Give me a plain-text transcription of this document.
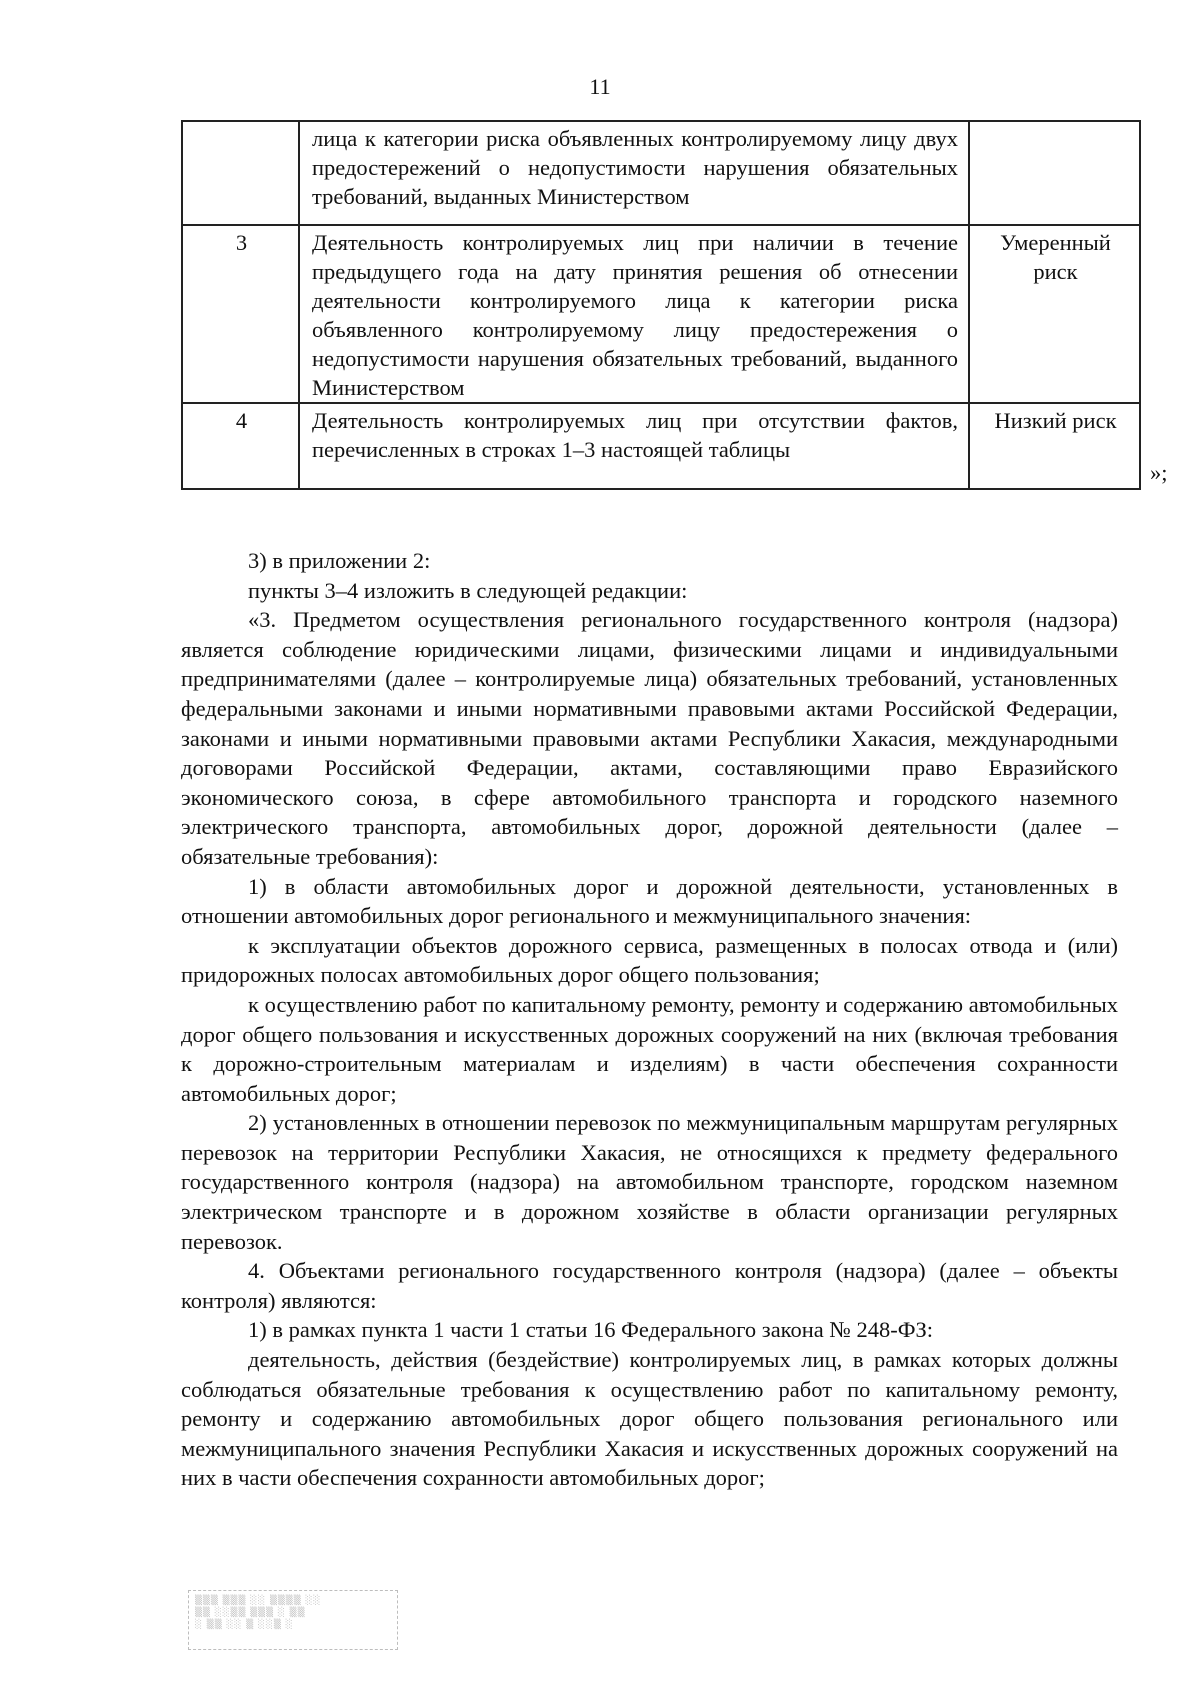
11
	лица к категории риска объявленных контролируемому лицу двух предостережений о недопустимости нарушения обязательных требований, выданных Министерством	
3	Деятельность контролируемых лиц при наличии в течение предыдущего года на дату принятия решения об отнесении деятельности контролируемого лица к категории риска объявленного контролируемому лицу предостережения о недопустимости нарушения обязательных требований, выданного Министерством	Умеренный риск
4	Деятельность контролируемых лиц при отсутствии фактов, перечисленных в строках 1–3 настоящей таблицы	Низкий риск
»;

3) в приложении 2:

пункты 3–4 изложить в следующей редакции:

«3. Предметом осуществления регионального государственного контроля (надзора) является соблюдение юридическими лицами, физическими лицами и индивидуальными предпринимателями (далее – контролируемые лица) обязательных требований, установленных федеральными законами и иными нормативными правовыми актами Российской Федерации, законами и иными нормативными правовыми актами Республики Хакасия, международными договорами Российской Федерации, актами, составляющими право Евразийского экономического союза, в сфере автомобильного транспорта и городского наземного электрического транспорта, автомобильных дорог, дорожной деятельности (далее – обязательные требования):

1) в области автомобильных дорог и дорожной деятельности, установленных в отношении автомобильных дорог регионального и межмуниципального значения:

к эксплуатации объектов дорожного сервиса, размещенных в полосах отвода и (или) придорожных полосах автомобильных дорог общего пользования;

к осуществлению работ по капитальному ремонту, ремонту и содержанию автомобильных дорог общего пользования и искусственных дорожных сооружений на них (включая требования к дорожно-строительным материалам и изделиям) в части обеспечения сохранности автомобильных дорог;

2) установленных в отношении перевозок по межмуниципальным маршрутам регулярных перевозок на территории Республики Хакасия, не относящихся к предмету федерального государственного контроля (надзора) на автомобильном транспорте, городском наземном электрическом транспорте и в дорожном хозяйстве в области организации регулярных перевозок.

4. Объектами регионального государственного контроля (надзора) (далее – объекты контроля) являются:

1) в рамках пункта 1 части 1 статьи 16 Федерального закона № 248-ФЗ:

деятельность, действия (бездействие) контролируемых лиц, в рамках которых должны соблюдаться обязательные требования к осуществлению работ по капитальному ремонту, ремонту и содержанию автомобильных дорог общего пользования регионального или межмуниципального значения Республики Хакасия и искусственных дорожных сооружений на них в части обеспечения сохранности автомобильных дорог;

▒▒▒ ▒▒▒ ░░ ▒▒▒▒ ░░
▒▒ ░░▒▒ ▒▒▒ ░ ▒▒
░ ▒▒ ░░ ▒ ░░▒ ░
